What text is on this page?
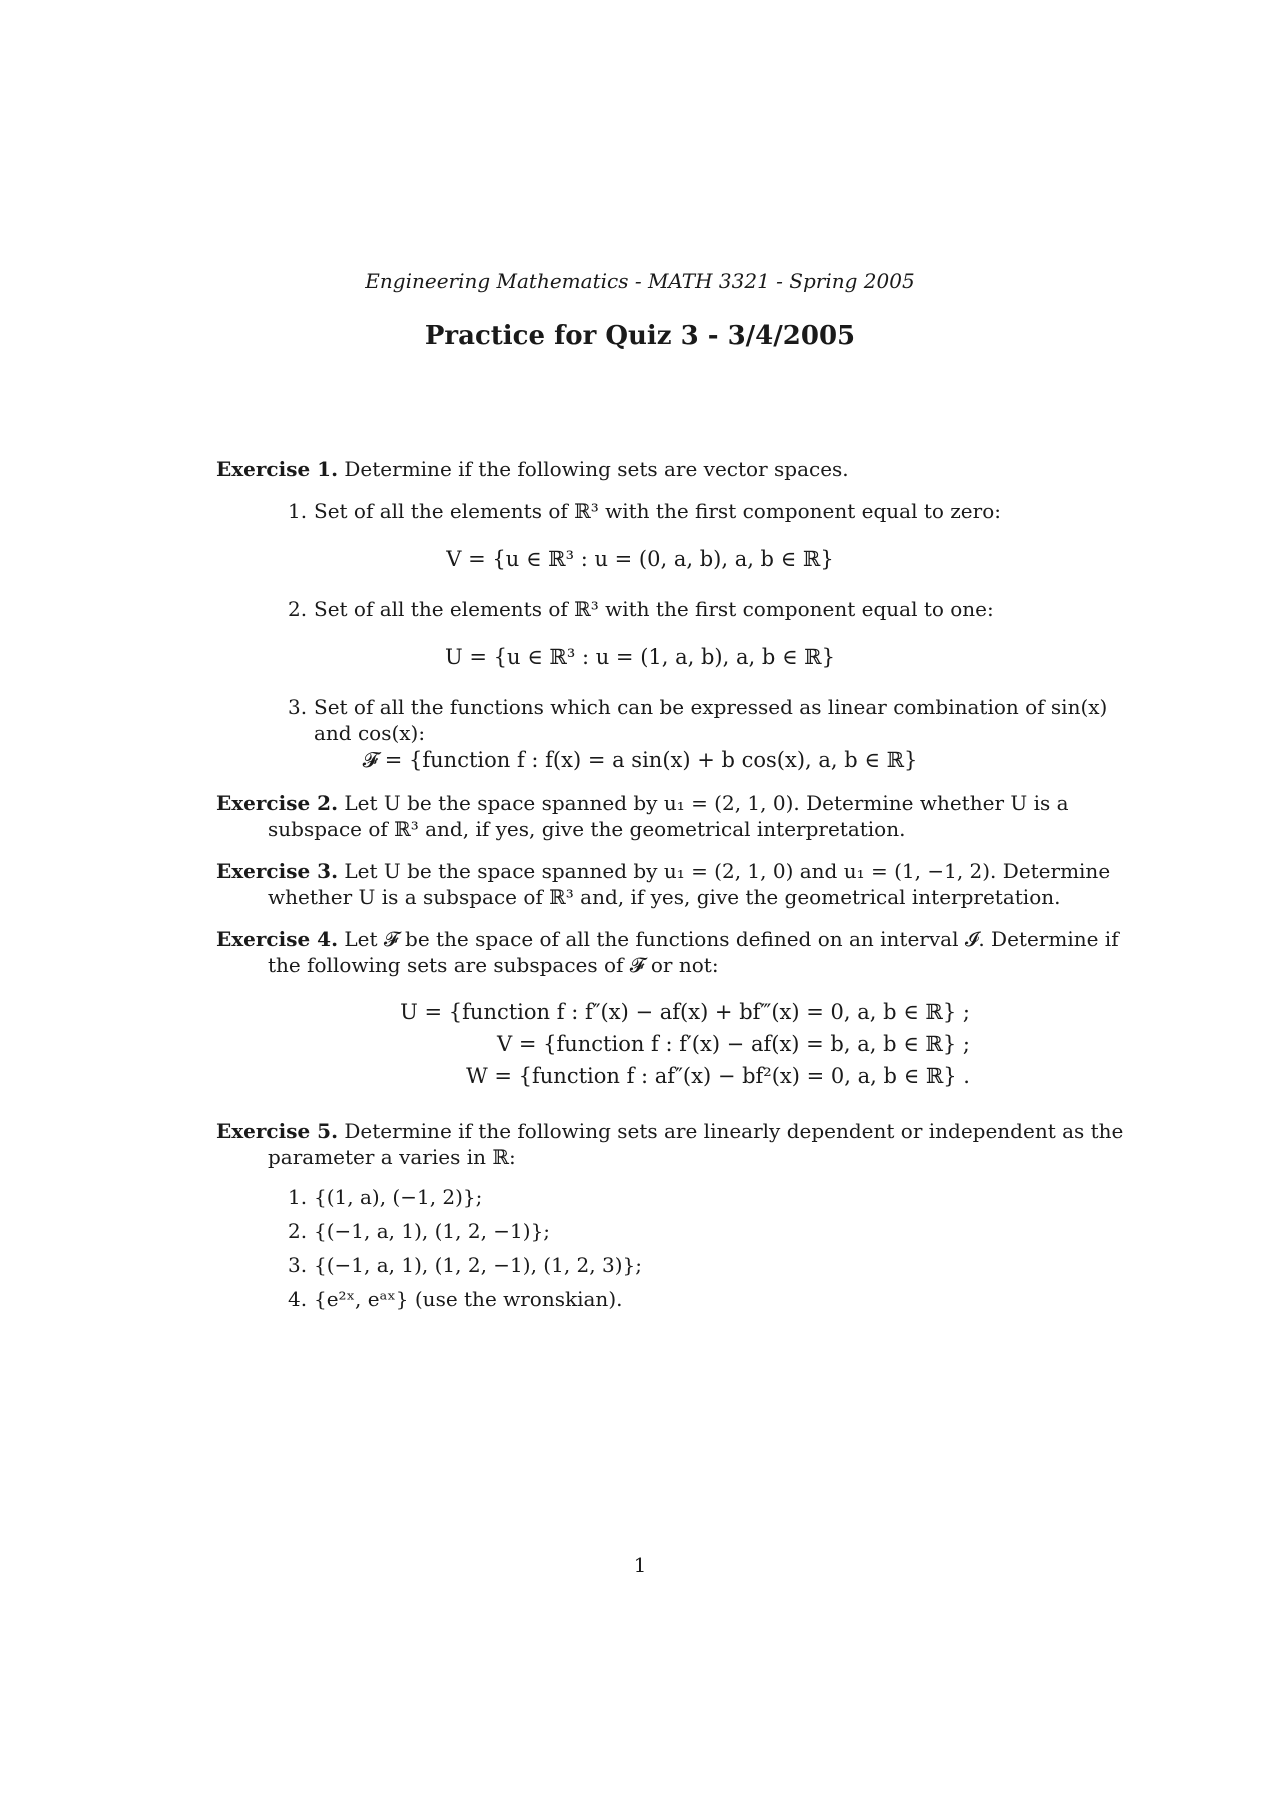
Engineering Mathematics - MATH 3321 - Spring 2005
Practice for Quiz 3 - 3/4/2005
Exercise 1. Determine if the following sets are vector spaces.
1. Set of all the elements of ℝ³ with the first component equal to zero:
V = {u ∈ ℝ³ : u = (0, a, b), a, b ∈ ℝ}
2. Set of all the elements of ℝ³ with the first component equal to one:
U = {u ∈ ℝ³ : u = (1, a, b), a, b ∈ ℝ}
3. Set of all the functions which can be expressed as linear combination of sin(x) and cos(x):
𝓕 = {function f : f(x) = a sin(x) + b cos(x), a, b ∈ ℝ}
Exercise 2. Let U be the space spanned by u₁ = (2, 1, 0). Determine whether U is a subspace of ℝ³ and, if yes, give the geometrical interpretation.
Exercise 3. Let U be the space spanned by u₁ = (2, 1, 0) and u₁ = (1, −1, 2). Determine whether U is a subspace of ℝ³ and, if yes, give the geometrical interpretation.
Exercise 4. Let 𝓕 be the space of all the functions defined on an interval 𝓘. Determine if the following sets are subspaces of 𝓕 or not:
U = {function f : f″(x) − af(x) + bf‴(x) = 0, a, b ∈ ℝ} ;
V = {function f : f′(x) − af(x) = b, a, b ∈ ℝ} ;
W = {function f : af″(x) − bf²(x) = 0, a, b ∈ ℝ} .
Exercise 5. Determine if the following sets are linearly dependent or independent as the parameter a varies in ℝ:
1. {(1, a), (−1, 2)};
2. {(−1, a, 1), (1, 2, −1)};
3. {(−1, a, 1), (1, 2, −1), (1, 2, 3)};
4. {e²ˣ, eᵃˣ} (use the wronskian).
1
